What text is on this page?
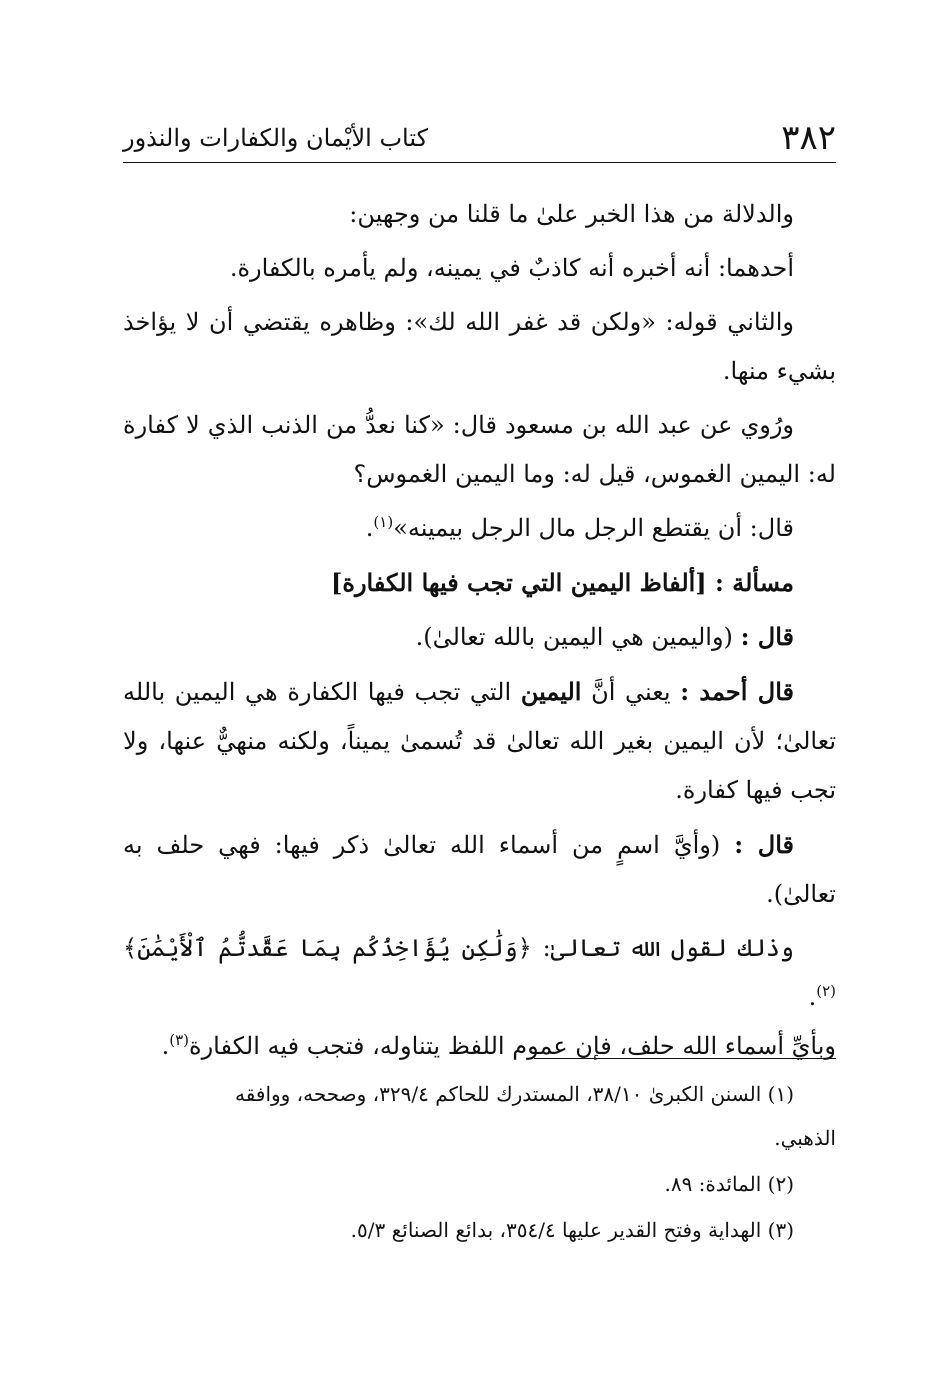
٣٨٢
كتاب الأيْمان والكفارات والنذور

والدلالة من هذا الخبر علىٰ ما قلنا من وجهين:

أحدهما: أنه أخبره أنه كاذبٌ في يمينه، ولم يأمره بالكفارة.

والثاني قوله: «ولكن قد غفر الله لك»: وظاهره يقتضي أن لا يؤاخذ بشيء منها.

ورُوي عن عبد الله بن مسعود قال: «كنا نعدُّ من الذنب الذي لا كفارة له: اليمين الغموس، قيل له: وما اليمين الغموس؟

قال: أن يقتطع الرجل مال الرجل بيمينه»$^{(١)}$.

مسألة : [ألفاظ اليمين التي تجب فيها الكفارة]

قال : (واليمين هي اليمين بالله تعالىٰ).

قال أحمد : يعني أنَّ اليمين التي تجب فيها الكفارة هي اليمين بالله تعالىٰ؛ لأن اليمين بغير الله تعالىٰ قد تُسمىٰ يميناً، ولكنه منهيٌّ عنها، ولا تجب فيها كفارة.

قال : (وأيَّ اسمٍ من أسماء الله تعالىٰ ذكر فيها: فهي حلف به تعالىٰ).

وذلك لقول الله تعالىٰ: ﴿وَلَٰكِن يُؤَاخِذُكُم بِمَا عَقَّدتُّمُ ٱلْأَيْمَٰنَ﴾$^{(٢)}$.

وبأيِّ أسماء الله حلف، فإن عموم اللفظ يتناوله، فتجب فيه الكفارة$^{(٣)}$.

(١) السنن الكبرىٰ ٣٨/١٠، المستدرك للحاكم ٣٢٩/٤، وصححه، ووافقه
الذهبي.

(٢) المائدة: ٨٩.

(٣) الهداية وفتح القدير عليها ٣٥٤/٤، بدائع الصنائع ٥/٣.
